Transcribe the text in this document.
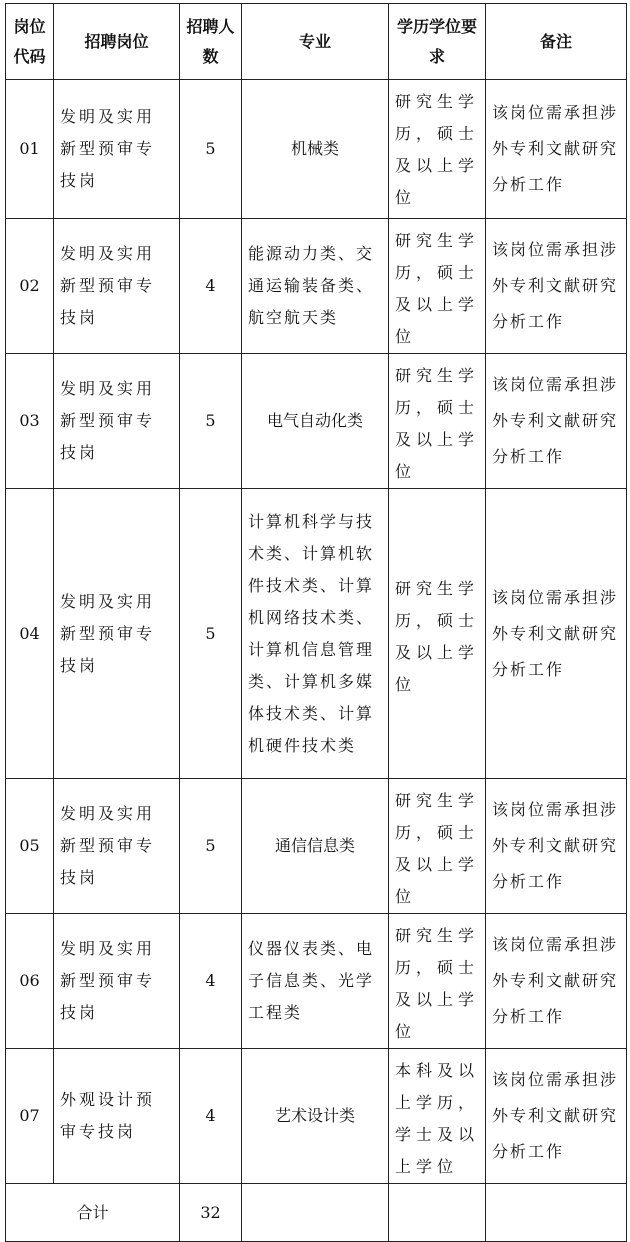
岗位代码	招聘岗位	招聘人数	专业	学历学位要求	备注
01	发明及实用新型预审专技岗	5	机械类	研究生学历，硕士及以上学位	该岗位需承担涉外专利文献研究分析工作
02	发明及实用新型预审专技岗	4	能源动力类、交通运输装备类、航空航天类	研究生学历，硕士及以上学位	该岗位需承担涉外专利文献研究分析工作
03	发明及实用新型预审专技岗	5	电气自动化类	研究生学历，硕士及以上学位	该岗位需承担涉外专利文献研究分析工作
04	发明及实用新型预审专技岗	5	计算机科学与技术类、计算机软件技术类、计算机网络技术类、计算机信息管理类、计算机多媒体技术类、计算机硬件技术类	研究生学历，硕士及以上学位	该岗位需承担涉外专利文献研究分析工作
05	发明及实用新型预审专技岗	5	通信信息类	研究生学历，硕士及以上学位	该岗位需承担涉外专利文献研究分析工作
06	发明及实用新型预审专技岗	4	仪器仪表类、电子信息类、光学工程类	研究生学历，硕士及以上学位	该岗位需承担涉外专利文献研究分析工作
07	外观设计预审专技岗	4	艺术设计类	本科及以上学历，学士及以上学位	该岗位需承担涉外专利文献研究分析工作
合计		32			
